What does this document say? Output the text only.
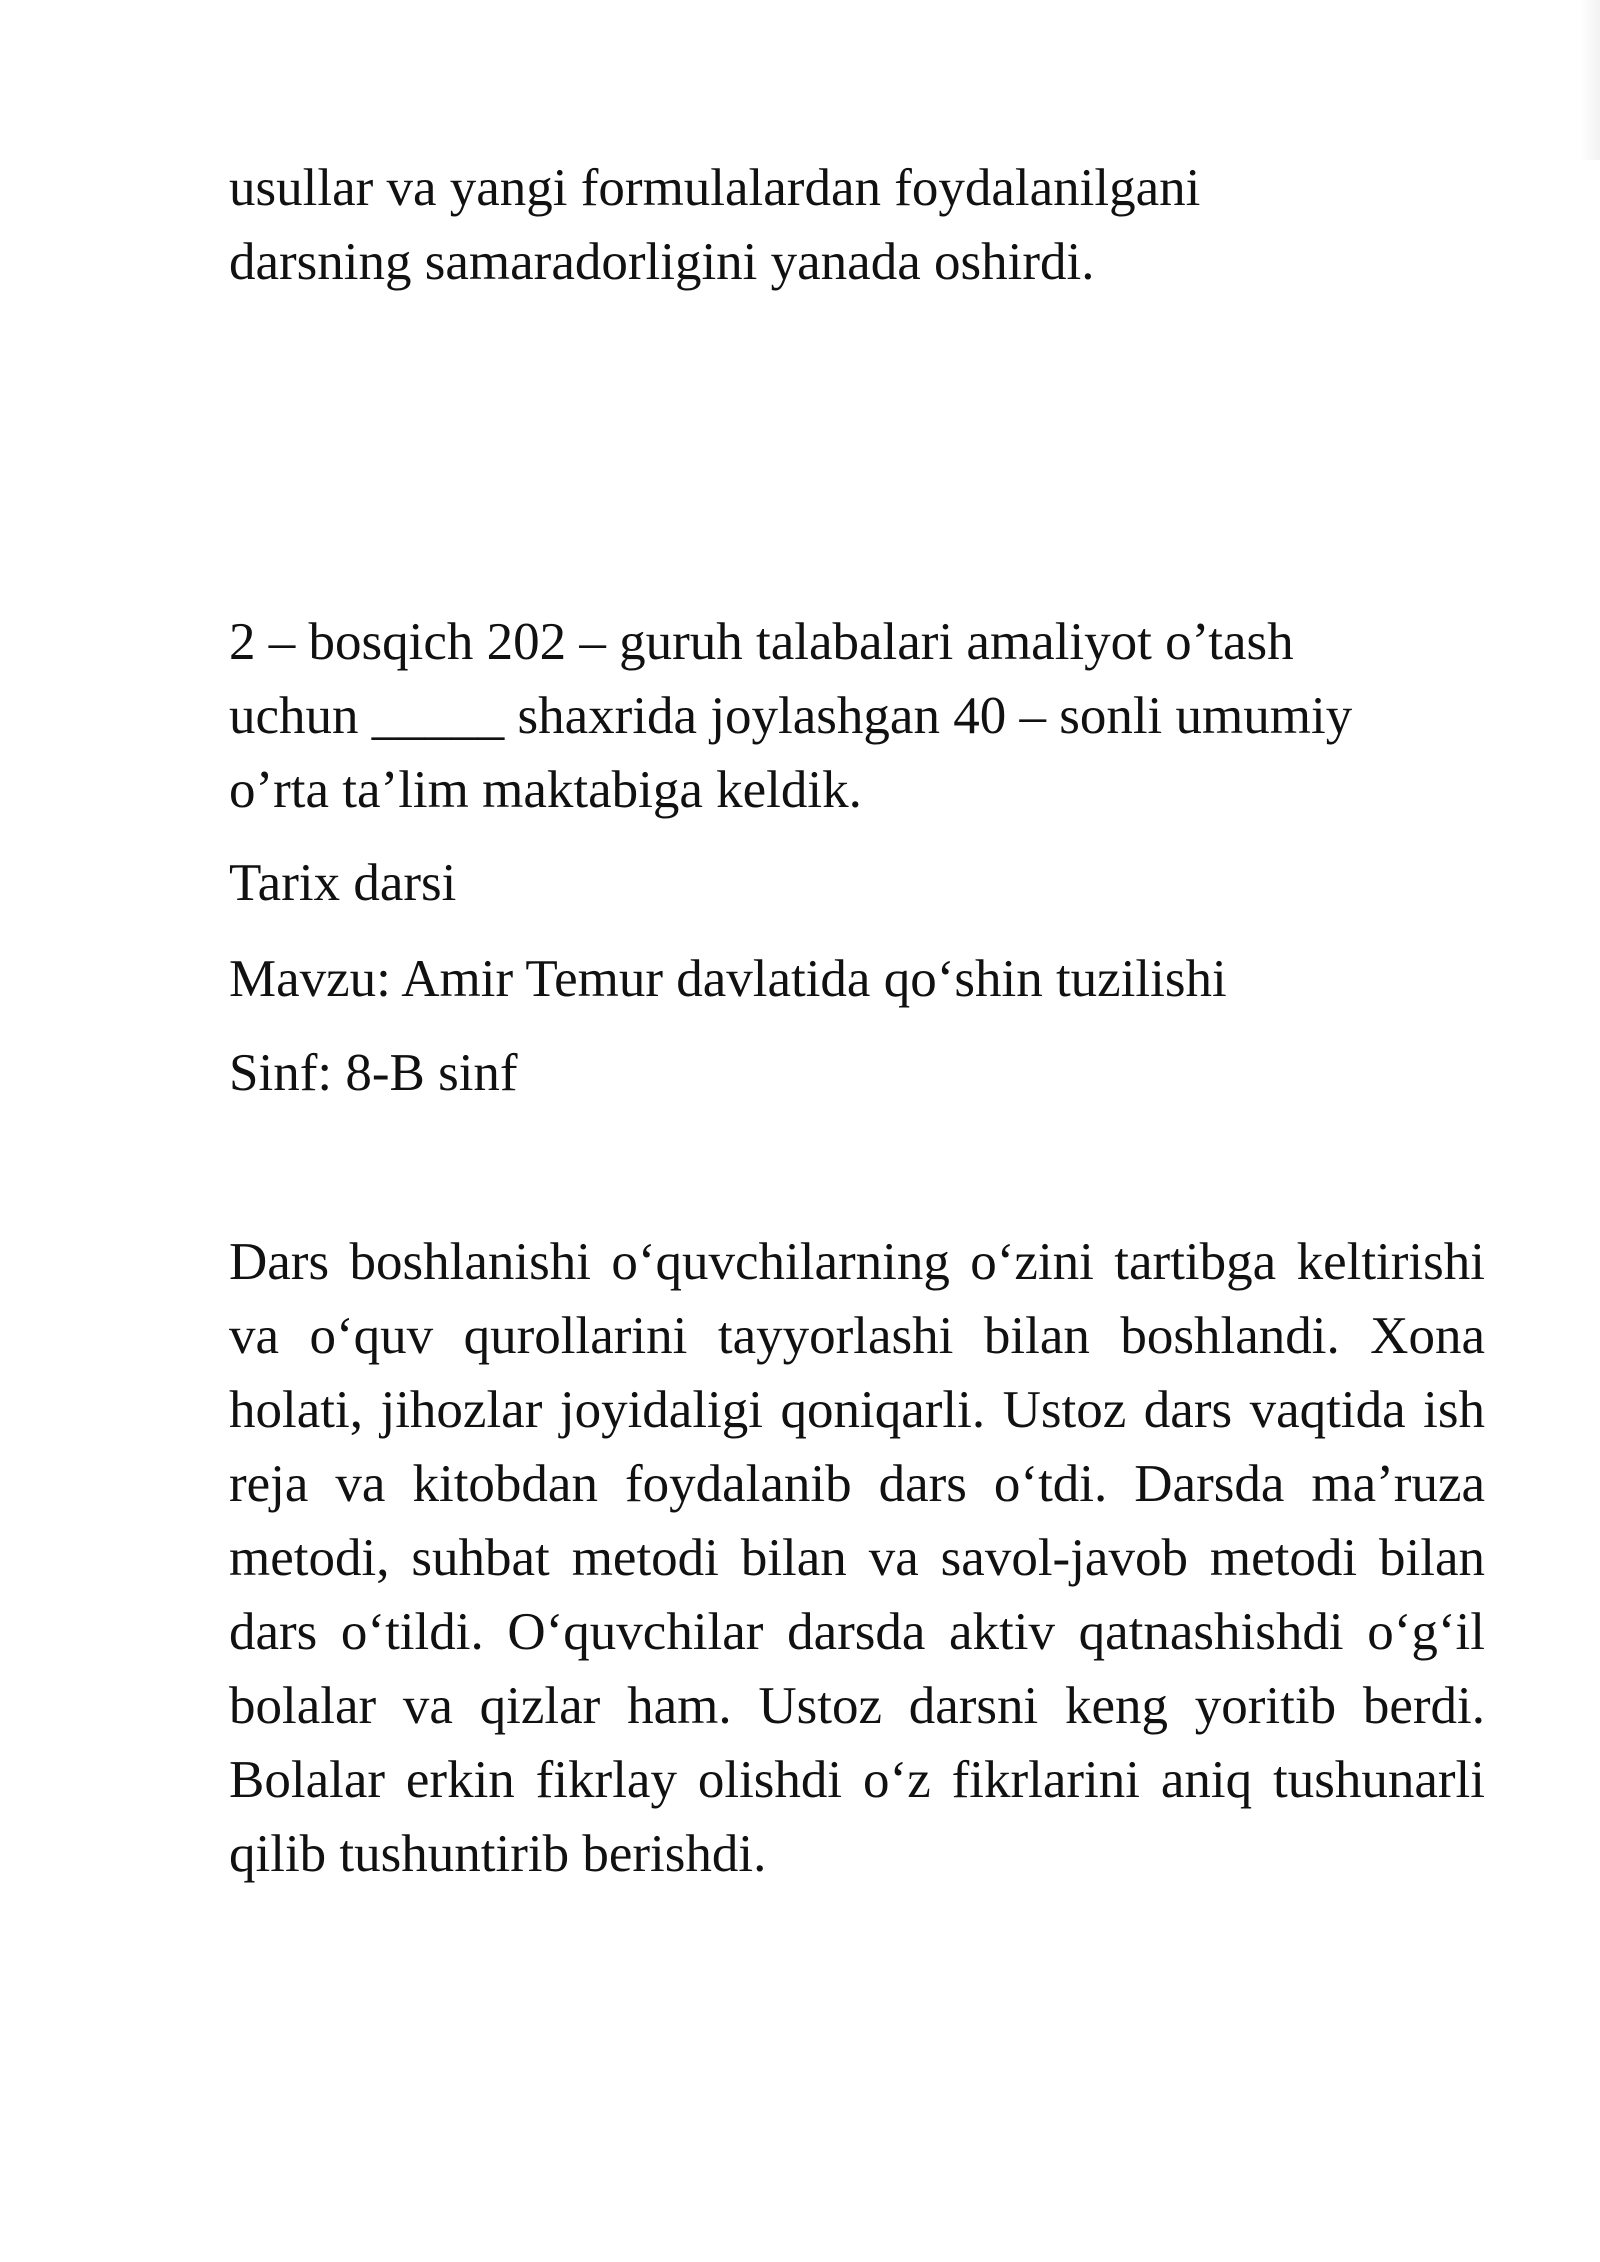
usullar va yangi formulalardan foydalanilgani
darsning samaradorligini yanada oshirdi.

2 – bosqich 202 – guruh talabalari amaliyot o’tash
uchun _____ shaxrida joylashgan 40 – sonli umumiy
o’rta ta’lim maktabiga keldik.

Tarix darsi

Mavzu: Amir Temur davlatida qo‘shin tuzilishi

Sinf: 8-B sinf

Dars boshlanishi o‘quvchilarning o‘zini tartibga keltirishi va o‘quv qurollarini tayyorlashi bilan boshlandi. Xona holati, jihozlar joyidaligi qoniqarli. Ustoz dars vaqtida ish reja va kitobdan foydalanib dars o‘tdi. Darsda ma’ruza metodi, suhbat metodi bilan va savol-javob metodi bilan dars o‘tildi. O‘quvchilar darsda aktiv qatnashishdi o‘g‘il bolalar va qizlar ham. Ustoz darsni keng yoritib berdi. Bolalar erkin fikrlay olishdi o‘z fikrlarini aniq tushunarli qilib tushuntirib berishdi.
